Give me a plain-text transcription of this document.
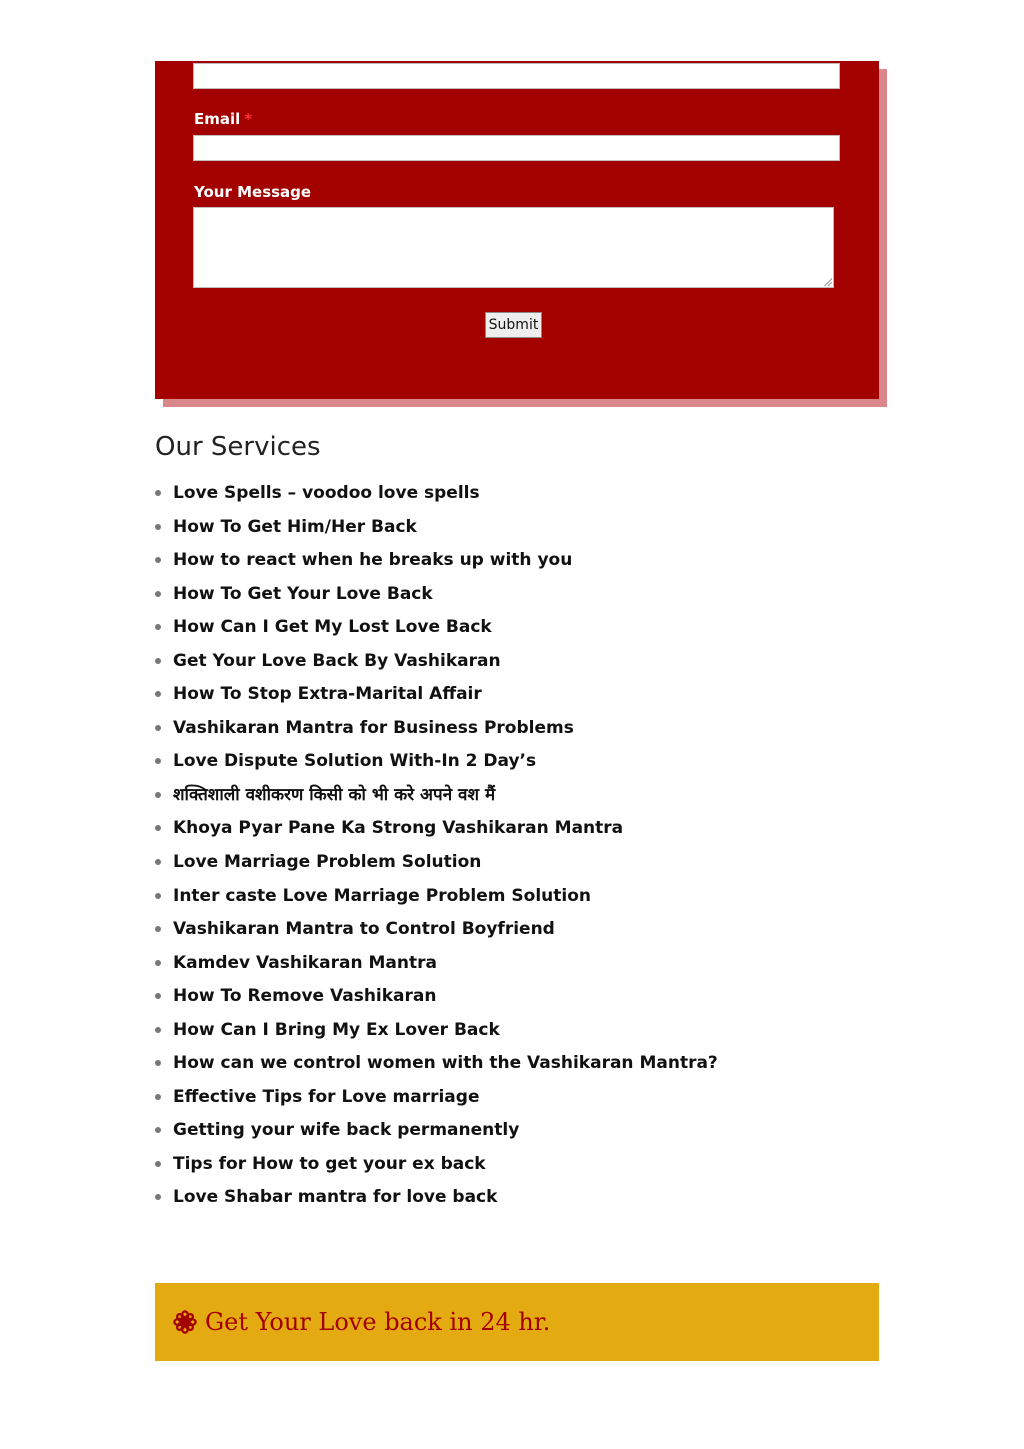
Email *
Your Message
Submit
Our Services
Love Spells – voodoo love spells
How To Get Him/Her Back
How to react when he breaks up with you
How To Get Your Love Back
How Can I Get My Lost Love Back
Get Your Love Back By Vashikaran
How To Stop Extra-Marital Affair
Vashikaran Mantra for Business Problems
Love Dispute Solution With-In 2 Day’s
शक्तिशाली वशीकरण किसी को भी करे अपने वश मैं
Khoya Pyar Pane Ka Strong Vashikaran Mantra
Love Marriage Problem Solution
Inter caste Love Marriage Problem Solution
Vashikaran Mantra to Control Boyfriend
Kamdev Vashikaran Mantra
How To Remove Vashikaran
How Can I Bring My Ex Lover Back
How can we control women with the Vashikaran Mantra?
Effective Tips for Love marriage
Getting your wife back permanently
Tips for How to get your ex back
Love Shabar mantra for love back
Get Your Love back in 24 hr.
